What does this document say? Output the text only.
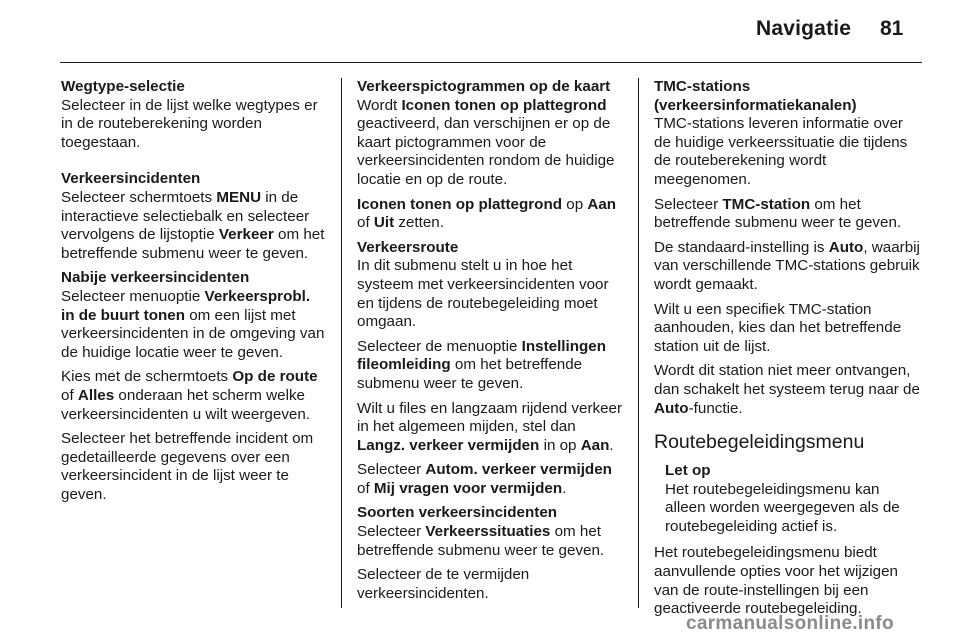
Navigatie 81

Wegtype-selectie
Selecteer in de lijst welke wegtypes er in de routeberekening worden toegestaan.

Verkeersincidenten
Selecteer schermtoets MENU in de interactieve selectiebalk en selecteer vervolgens de lijstoptie Verkeer om het betreffende submenu weer te geven.

Nabije verkeersincidenten
Selecteer menuoptie Verkeersprobl. in de buurt tonen om een lijst met verkeersincidenten in de omgeving van de huidige locatie weer te geven.

Kies met de schermtoets Op de route of Alles onderaan het scherm welke verkeersincidenten u wilt weergeven.

Selecteer het betreffende incident om gedetailleerde gegevens over een verkeersincident in de lijst weer te geven.

Verkeerspictogrammen op de kaart
Wordt Iconen tonen op plattegrond geactiveerd, dan verschijnen er op de kaart pictogrammen voor de verkeersincidenten rondom de huidige locatie en op de route.

Iconen tonen op plattegrond op Aan of Uit zetten.

Verkeersroute
In dit submenu stelt u in hoe het systeem met verkeersincidenten voor en tijdens de routebegeleiding moet omgaan.

Selecteer de menuoptie Instellingen fileomleiding om het betreffende submenu weer te geven.

Wilt u files en langzaam rijdend verkeer in het algemeen mijden, stel dan Langz. verkeer vermijden in op Aan.

Selecteer Autom. verkeer vermijden of Mij vragen voor vermijden.

Soorten verkeersincidenten
Selecteer Verkeerssituaties om het betreffende submenu weer te geven.

Selecteer de te vermijden verkeersincidenten.

TMC-stations (verkeersinformatiekanalen)
TMC-stations leveren informatie over de huidige verkeerssituatie die tijdens de routeberekening wordt meegenomen.

Selecteer TMC-station om het betreffende submenu weer te geven.

De standaard-instelling is Auto, waarbij van verschillende TMC-stations gebruik wordt gemaakt.

Wilt u een specifiek TMC-station aanhouden, kies dan het betreffende station uit de lijst.

Wordt dit station niet meer ontvangen, dan schakelt het systeem terug naar de Auto-functie.

Routebegeleidingsmenu

Let op
Het routebegeleidingsmenu kan alleen worden weergegeven als de routebegeleiding actief is.

Het routebegeleidingsmenu biedt aanvullende opties voor het wijzigen van de route-instellingen bij een geactiveerde routebegeleiding.

carmanualsonline.info
